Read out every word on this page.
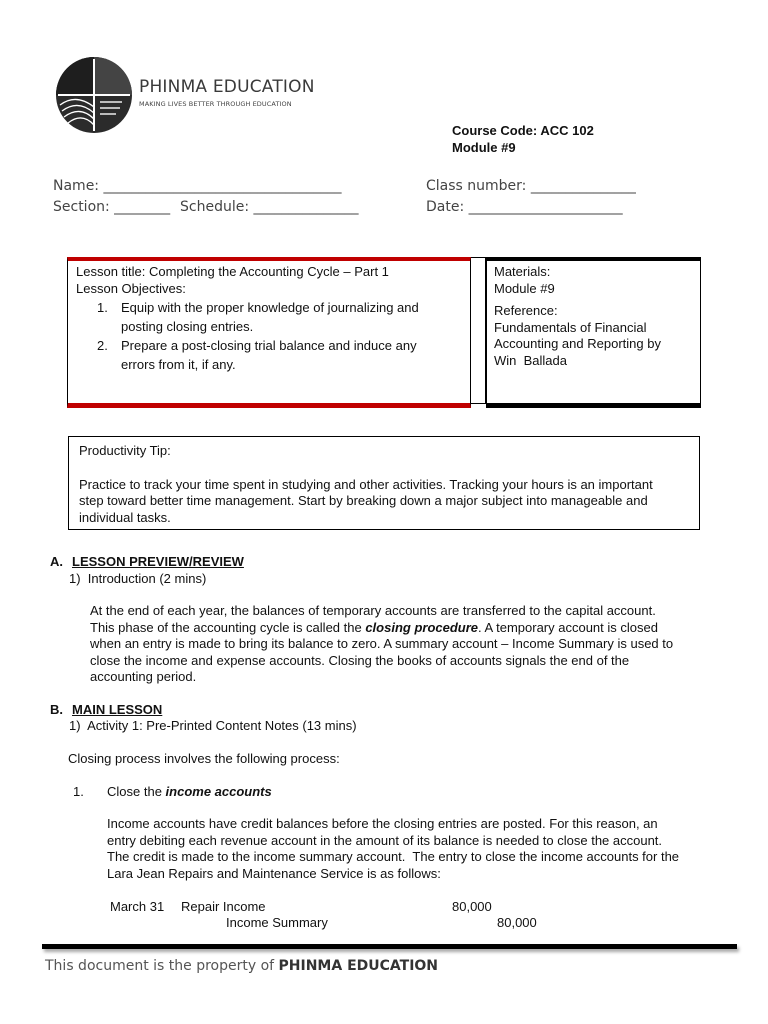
PHINMA EDUCATION
MAKING LIVES BETTER THROUGH EDUCATION
Course Code: ACC 102
Module #9
Name: __________________________________	Class number: _______________
Section: ________ Schedule: _______________	Date: ______________________
Lesson title: Completing the Accounting Cycle – Part 1
Lesson Objectives:
1. Equip with the proper knowledge of journalizing and
posting closing entries.
2. Prepare a post-closing trial balance and induce any
errors from it, if any.
Materials:
Module #9
Reference:
Fundamentals of Financial
Accounting and Reporting by
Win  Ballada
Productivity Tip:
Practice to track your time spent in studying and other activities. Tracking your hours is an important
step toward better time management. Start by breaking down a major subject into manageable and
individual tasks.
A. LESSON PREVIEW/REVIEW
1)  Introduction (2 mins)
At the end of each year, the balances of temporary accounts are transferred to the capital account.
This phase of the accounting cycle is called the closing procedure. A temporary account is closed
when an entry is made to bring its balance to zero. A summary account – Income Summary is used to
close the income and expense accounts. Closing the books of accounts signals the end of the
accounting period.
B. MAIN LESSON
1)  Activity 1: Pre-Printed Content Notes (13 mins)
Closing process involves the following process:
1. Close the income accounts
Income accounts have credit balances before the closing entries are posted. For this reason, an
entry debiting each revenue account in the amount of its balance is needed to close the account.
The credit is made to the income summary account.  The entry to close the income accounts for the
Lara Jean Repairs and Maintenance Service is as follows:
March 31 Repair Income	80,000
Income Summary	80,000
This document is the property of PHINMA EDUCATION
